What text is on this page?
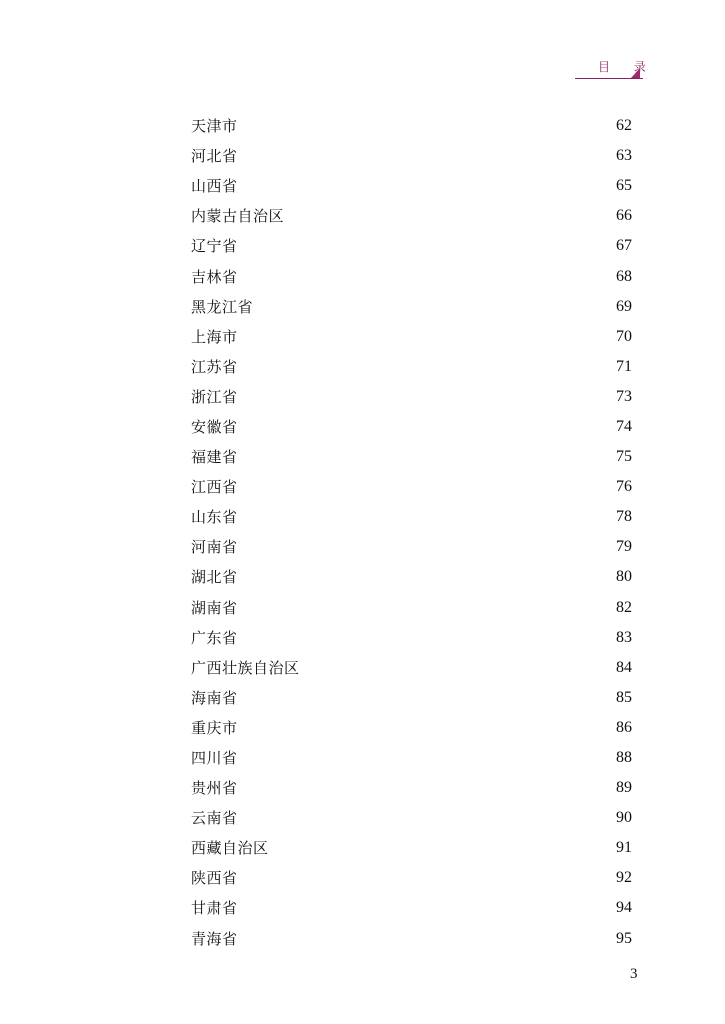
目 录
天津市	62
河北省	63
山西省	65
内蒙古自治区	66
辽宁省	67
吉林省	68
黑龙江省	69
上海市	70
江苏省	71
浙江省	73
安徽省	74
福建省	75
江西省	76
山东省	78
河南省	79
湖北省	80
湖南省	82
广东省	83
广西壮族自治区	84
海南省	85
重庆市	86
四川省	88
贵州省	89
云南省	90
西藏自治区	91
陕西省	92
甘肃省	94
青海省	95
3
